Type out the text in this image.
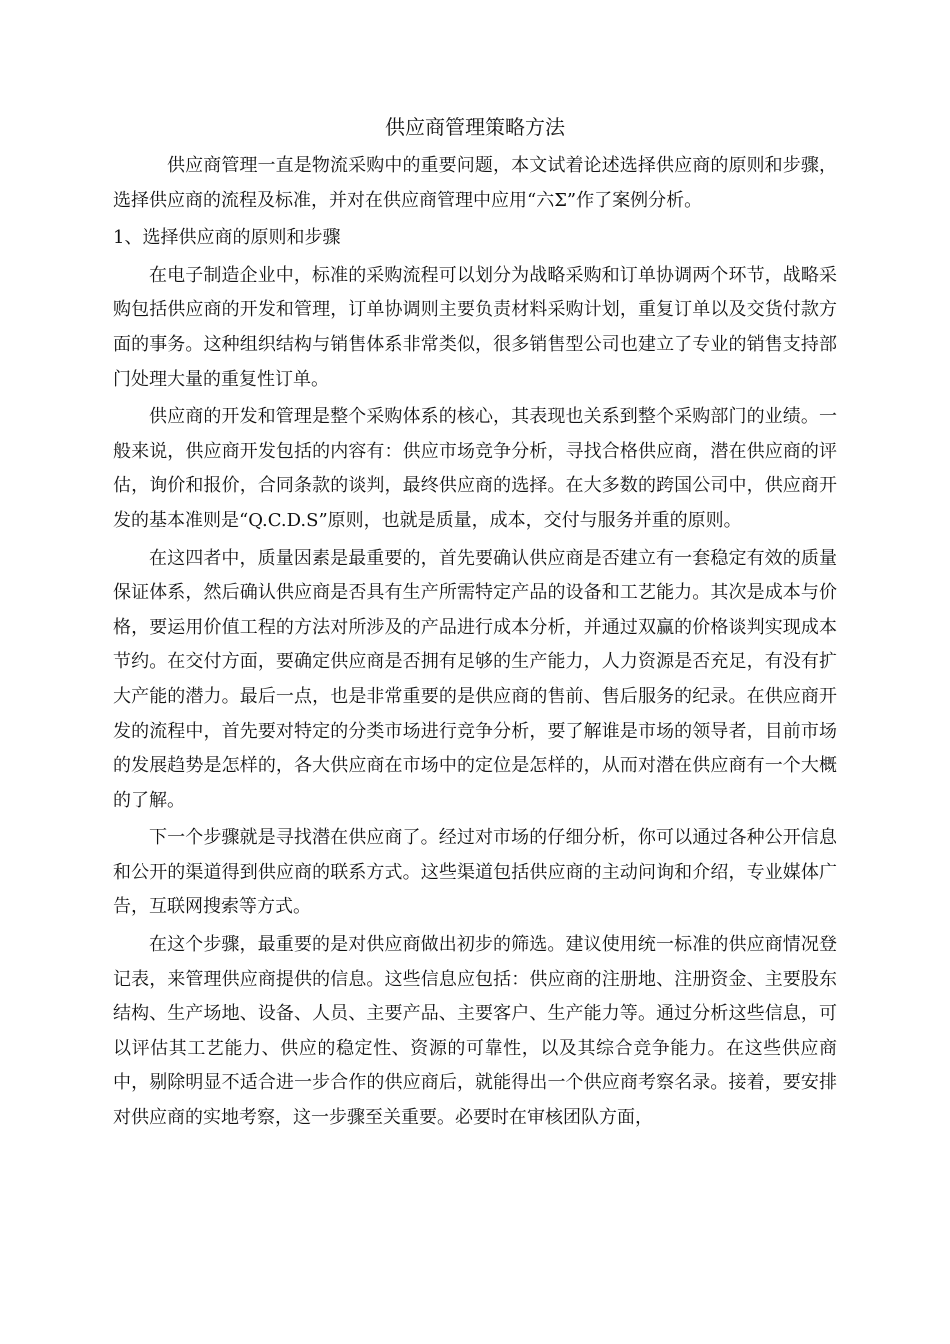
供应商管理策略方法

供应商管理一直是物流采购中的重要问题，本文试着论述选择供应商的原则和步骤，选择供应商的流程及标准，并对在供应商管理中应用“六Σ”作了案例分析。

1、选择供应商的原则和步骤

在电子制造企业中，标准的采购流程可以划分为战略采购和订单协调两个环节，战略采购包括供应商的开发和管理，订单协调则主要负责材料采购计划，重复订单以及交货付款方面的事务。这种组织结构与销售体系非常类似，很多销售型公司也建立了专业的销售支持部门处理大量的重复性订单。

供应商的开发和管理是整个采购体系的核心，其表现也关系到整个采购部门的业绩。一般来说，供应商开发包括的内容有：供应市场竞争分析，寻找合格供应商，潜在供应商的评估，询价和报价，合同条款的谈判，最终供应商的选择。在大多数的跨国公司中，供应商开发的基本准则是“Q.C.D.S”原则，也就是质量，成本，交付与服务并重的原则。

在这四者中，质量因素是最重要的，首先要确认供应商是否建立有一套稳定有效的质量保证体系，然后确认供应商是否具有生产所需特定产品的设备和工艺能力。其次是成本与价格，要运用价值工程的方法对所涉及的产品进行成本分析，并通过双赢的价格谈判实现成本节约。在交付方面，要确定供应商是否拥有足够的生产能力，人力资源是否充足，有没有扩大产能的潜力。最后一点，也是非常重要的是供应商的售前、售后服务的纪录。在供应商开发的流程中，首先要对特定的分类市场进行竞争分析，要了解谁是市场的领导者，目前市场的发展趋势是怎样的，各大供应商在市场中的定位是怎样的，从而对潜在供应商有一个大概的了解。

下一个步骤就是寻找潜在供应商了。经过对市场的仔细分析，你可以通过各种公开信息和公开的渠道得到供应商的联系方式。这些渠道包括供应商的主动问询和介绍，专业媒体广告，互联网搜索等方式。

在这个步骤，最重要的是对供应商做出初步的筛选。建议使用统一标准的供应商情况登记表，来管理供应商提供的信息。这些信息应包括：供应商的注册地、注册资金、主要股东结构、生产场地、设备、人员、主要产品、主要客户、生产能力等。通过分析这些信息，可以评估其工艺能力、供应的稳定性、资源的可靠性，以及其综合竞争能力。在这些供应商中，剔除明显不适合进一步合作的供应商后，就能得出一个供应商考察名录。接着，要安排对供应商的实地考察，这一步骤至关重要。必要时在审核团队方面，
